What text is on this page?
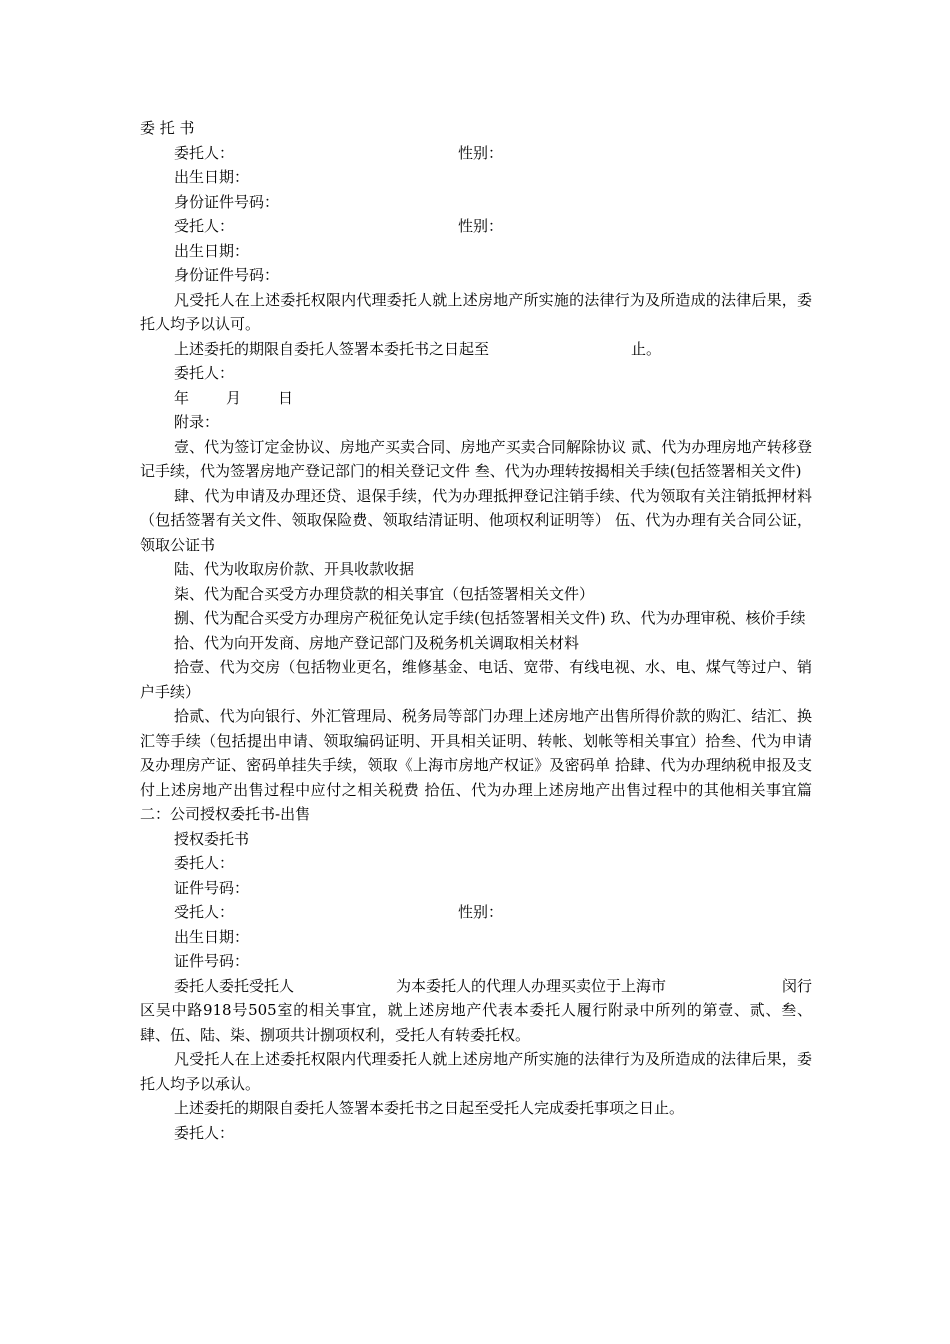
委 托 书
委托人：	性别：
出生日期：
身份证件号码：
受托人：	性别：
出生日期：
身份证件号码：
凡受托人在上述委托权限内代理委托人就上述房地产所实施的法律行为及所造成的法律后果，委托人均予以认可。
上述委托的期限自委托人签署本委托书之日起至	止。
委托人：
年 月 日
附录：
壹、代为签订定金协议、房地产买卖合同、房地产买卖合同解除协议 贰、代为办理房地产转移登记手续，代为签署房地产登记部门的相关登记文件 叁、代为办理转按揭相关手续(包括签署相关文件)
肆、代为申请及办理还贷、退保手续，代为办理抵押登记注销手续、代为领取有关注销抵押材料（包括签署有关文件、领取保险费、领取结清证明、他项权利证明等） 伍、代为办理有关合同公证，领取公证书
陆、代为收取房价款、开具收款收据
柒、代为配合买受方办理贷款的相关事宜（包括签署相关文件）
捌、代为配合买受方办理房产税征免认定手续(包括签署相关文件) 玖、代为办理审税、核价手续
拾、代为向开发商、房地产登记部门及税务机关调取相关材料
拾壹、代为交房（包括物业更名，维修基金、电话、宽带、有线电视、水、电、煤气等过户、销户手续）
拾贰、代为向银行、外汇管理局、税务局等部门办理上述房地产出售所得价款的购汇、结汇、换汇等手续（包括提出申请、领取编码证明、开具相关证明、转帐、划帐等相关事宜）拾叁、代为申请及办理房产证、密码单挂失手续，领取《上海市房地产权证》及密码单 拾肆、代为办理纳税申报及支付上述房地产出售过程中应付之相关税费 拾伍、代为办理上述房地产出售过程中的其他相关事宜篇二：公司授权委托书-出售
授权委托书
委托人：
证件号码：
受托人：	性别：
出生日期：
证件号码：
委托人委托受托人	为本委托人的代理人办理买卖位于上海市	闵行
区吴中路918号505室的相关事宜，就上述房地产代表本委托人履行附录中所列的第壹、贰、叁、肆、伍、陆、柒、捌项共计捌项权利，受托人有转委托权。
凡受托人在上述委托权限内代理委托人就上述房地产所实施的法律行为及所造成的法律后果，委托人均予以承认。
上述委托的期限自委托人签署本委托书之日起至受托人完成委托事项之日止。
委托人：
